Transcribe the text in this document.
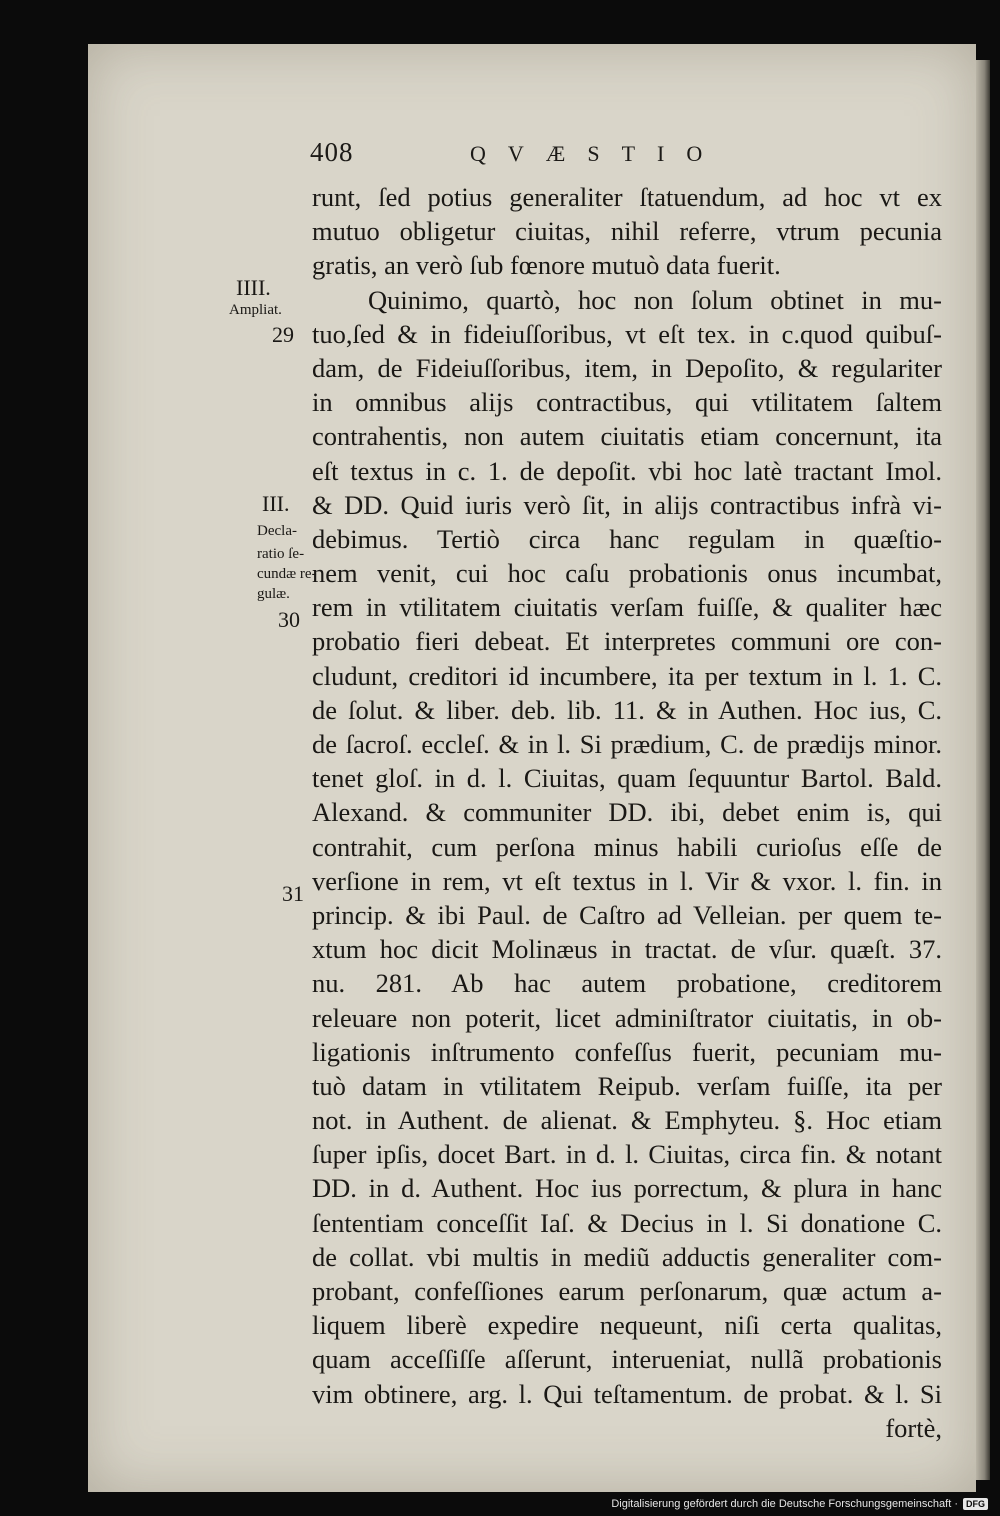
408	QVÆSTIO
IIII.
Ampliat.
29
III.
Decla-
ratio ſe-
cundæ re-
gulæ.
30
31
runt, ſed potius generaliter ſtatuendum, ad hoc vt ex
mutuo obligetur ciuitas, nihil referre, vtrum pecunia
gratis, an verò ſub fœnore mutuò data fuerit.
Quinimo, quartò, hoc non ſolum obtinet in mu-
tuo,ſed & in fideiuſſoribus, vt eſt tex. in c.quod quibuſ-
dam, de Fideiuſſoribus, item, in Depoſito, & regulariter
in omnibus alijs contractibus, qui vtilitatem ſaltem
contrahentis, non autem ciuitatis etiam concernunt, ita
eſt textus in c. 1. de depoſit. vbi hoc latè tractant Imol.
& DD. Quid iuris verò ſit, in alijs contractibus infrà vi-
debimus. Tertiò circa hanc regulam in quæſtio-
nem venit, cui hoc caſu probationis onus incumbat,
rem in vtilitatem ciuitatis verſam fuiſſe, & qualiter hæc
probatio fieri debeat. Et interpretes communi ore con-
cludunt, creditori id incumbere, ita per textum in l. 1. C.
de ſolut. & liber. deb. lib. 11. & in Authen. Hoc ius, C.
de ſacroſ. eccleſ. & in l. Si prædium, C. de prædijs minor.
tenet gloſ. in d. l. Ciuitas, quam ſequuntur Bartol. Bald.
Alexand. & communiter DD. ibi, debet enim is, qui
contrahit, cum perſona minus habili curioſus eſſe de
verſione in rem, vt eſt textus in l. Vir & vxor. l. fin. in
princip. & ibi Paul. de Caſtro ad Velleian. per quem te-
xtum hoc dicit Molinæus in tractat. de vſur. quæſt. 37.
nu. 281. Ab hac autem probatione, creditorem
releuare non poterit, licet adminiſtrator ciuitatis, in ob-
ligationis inſtrumento confeſſus fuerit, pecuniam mu-
tuò datam in vtilitatem Reipub. verſam fuiſſe, ita per
not. in Authent. de alienat. & Emphyteu. §. Hoc etiam
ſuper ipſis, docet Bart. in d. l. Ciuitas, circa fin. & notant
DD. in d. Authent. Hoc ius porrectum, & plura in hanc
ſententiam conceſſit Iaſ. & Decius in l. Si donatione C.
de collat. vbi multis in mediũ adductis generaliter com-
probant, confeſſiones earum perſonarum, quæ actum a-
liquem liberè expedire nequeunt, niſi certa qualitas,
quam acceſſiſſe aſſerunt, interueniat, nullã probationis
vim obtinere, arg. l. Qui teſtamentum. de probat. & l. Si
fortè,
Digitalisierung gefördert durch die Deutsche Forschungsgemeinschaft · DFG
